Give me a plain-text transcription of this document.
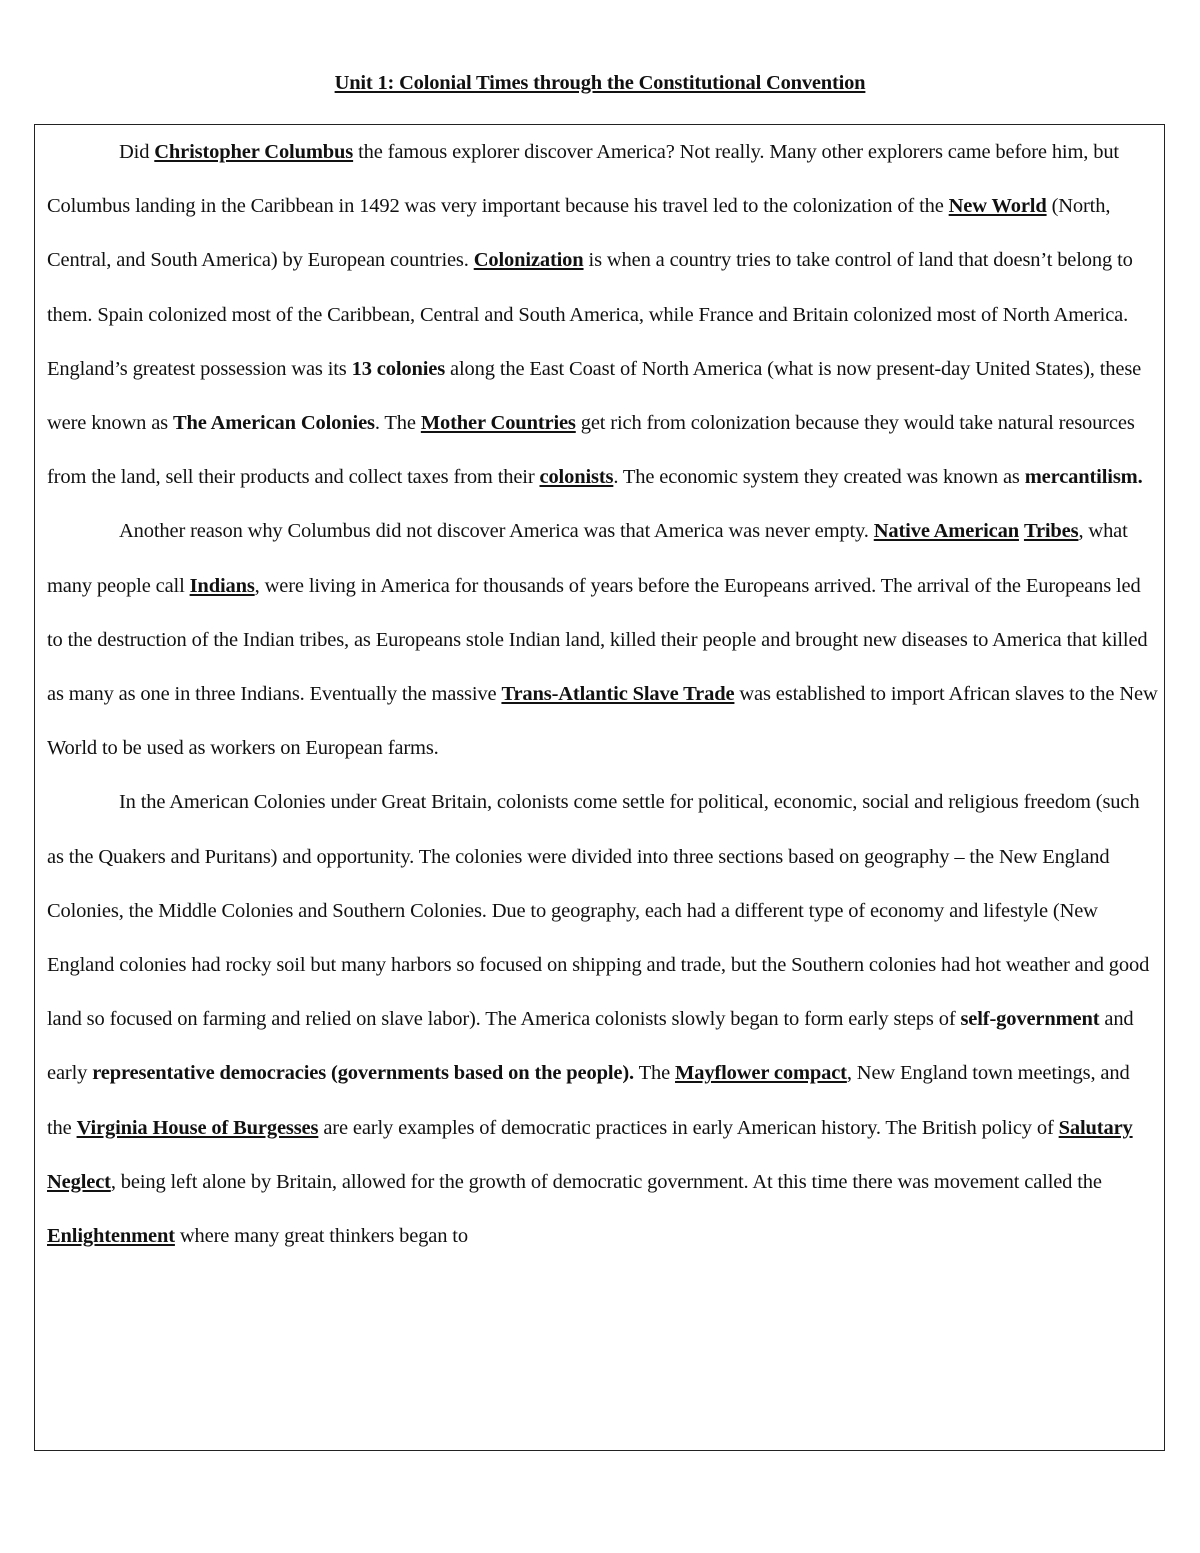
Unit 1: Colonial Times through the Constitutional Convention

Did Christopher Columbus the famous explorer discover America? Not really. Many other explorers came before him, but Columbus landing in the Caribbean in 1492 was very important because his travel led to the colonization of the New World (North, Central, and South America) by European countries. Colonization is when a country tries to take control of land that doesn’t belong to them. Spain colonized most of the Caribbean, Central and South America, while France and Britain colonized most of North America. England’s greatest possession was its 13 colonies along the East Coast of North America (what is now present-day United States), these were known as The American Colonies. The Mother Countries get rich from colonization because they would take natural resources from the land, sell their products and collect taxes from their colonists. The economic system they created was known as mercantilism.

Another reason why Columbus did not discover America was that America was never empty. Native American Tribes, what many people call Indians, were living in America for thousands of years before the Europeans arrived. The arrival of the Europeans led to the destruction of the Indian tribes, as Europeans stole Indian land, killed their people and brought new diseases to America that killed as many as one in three Indians. Eventually the massive Trans-Atlantic Slave Trade was established to import African slaves to the New World to be used as workers on European farms.

In the American Colonies under Great Britain, colonists come settle for political, economic, social and religious freedom (such as the Quakers and Puritans) and opportunity. The colonies were divided into three sections based on geography – the New England Colonies, the Middle Colonies and Southern Colonies. Due to geography, each had a different type of economy and lifestyle (New England colonies had rocky soil but many harbors so focused on shipping and trade, but the Southern colonies had hot weather and good land so focused on farming and relied on slave labor). The America colonists slowly began to form early steps of self-government and early representative democracies (governments based on the people). The Mayflower compact, New England town meetings, and the Virginia House of Burgesses are early examples of democratic practices in early American history. The British policy of Salutary Neglect, being left alone by Britain, allowed for the growth of democratic government. At this time there was movement called the Enlightenment where many great thinkers began to
